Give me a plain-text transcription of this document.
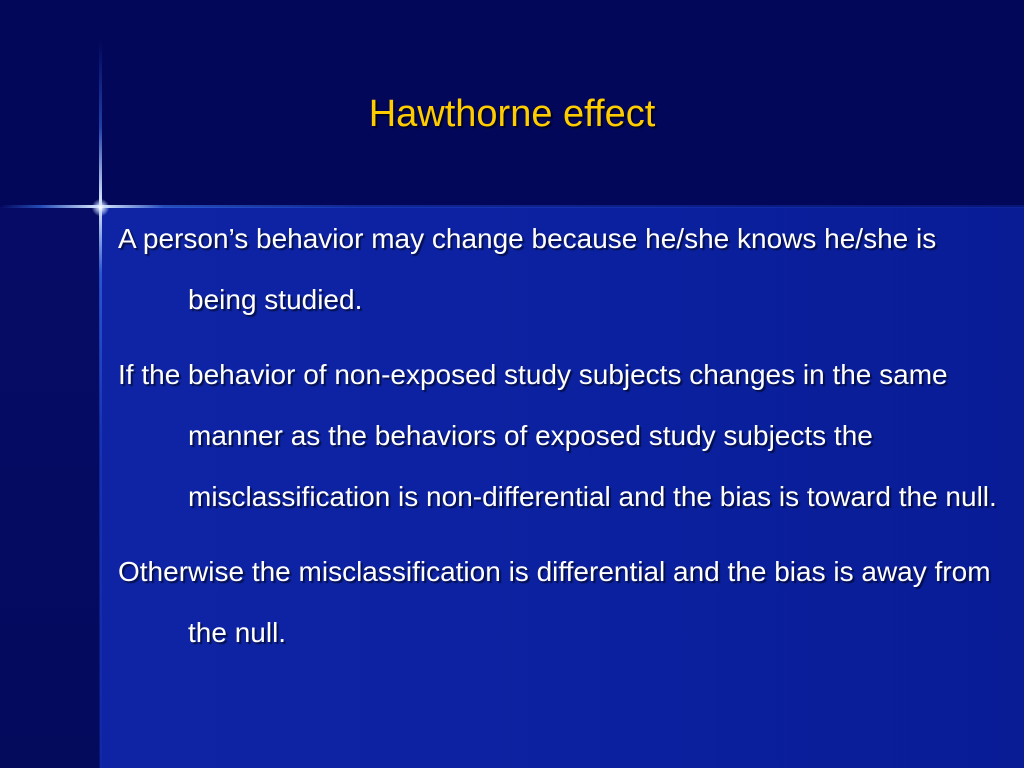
Hawthorne effect

A person’s behavior may change because he/she knows he/she is being studied.

If the behavior of non-exposed study subjects changes in the same manner as the behaviors of exposed study subjects the misclassification is non-differential and the bias is toward the null.

Otherwise the misclassification is differential and the bias is away from the null.
